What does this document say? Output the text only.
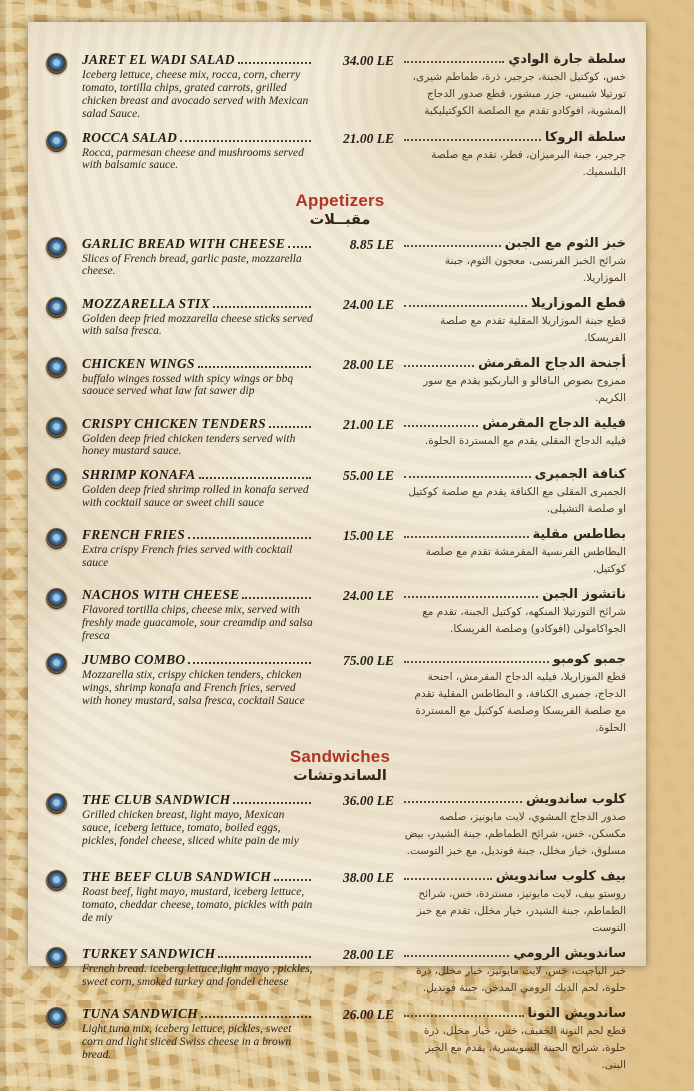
JARET EL WADI SALAD
Iceberg lettuce, cheese mix, rocca, corn, cherry tomato, tortilla chips, grated carrots, grilled chicken breast and avocado served with Mexican salad Sauce.
34.00 LE	سلطة جارة الوادي
خس، كوكتيل الجبنة، جرجير، ذرة، طماطم شيرى، تورتيلا شيبس، جزر مبشور، قطع صدور الدجاج المشوية، افوكادو تقدم مع الصلصة الكوكتيليكية
ROCCA SALAD
Rocca, parmesan cheese and mushrooms served with balsamic sauce.
21.00 LE	سلطة الروكا
جرجير، جبنة البرميزان، فطر، تقدم مع صلصة البلسميك.
Appetizers
مقبــلات
GARLIC BREAD WITH CHEESE
Slices of French bread, garlic paste, mozzarella cheese.
8.85 LE	خبز الثوم مع الجبن
شرائح الخبز الفرنسى، معجون الثوم، جبنة الموزاريلا.
MOZZARELLA STIX
Golden deep fried mozzarella cheese sticks served with salsa fresca.
24.00 LE	قطع الموزاريلا
قطع جبنة الموزاريلا المقلية تقدم مع صلصة الفريسكا.
CHICKEN WINGS
buffalo winges tossed with spicy wings or bbq saouce served what law fat sawer dip
28.00 LE	أجنحة الدجاج المقرمش
ممزوج بصوص البافالو و الباربكيو يقدم مع سور الكريم.
CRISPY CHICKEN TENDERS
Golden deep fried chicken tenders served with honey mustard sauce.
21.00 LE	فيلية الدجاج المقرمش
فيليه الدجاج المقلى يقدم مع المستردة الحلوة.
SHRIMP KONAFA
Golden deep fried shrimp rolled in konafa served with cocktail sauce or sweet chili sauce
55.00 LE	كنافة الجمبرى
الجمبرى المقلى مع الكنافة يقدم مع صلصة كوكتيل او صلصة التشيلى.
FRENCH FRIES
Extra crispy French fries served with cocktail sauce
15.00 LE	بطاطس مقلية
البطاطس الفرنسية المقرمشة تقدم مع صلصة كوكتيل.
NACHOS WITH CHEESE
Flavored tortilla chips, cheese mix, served with freshly made guacamole, sour creamdip and salsa fresca
24.00 LE	ناتشوز الجبن
شرائح التورتيلا المنكهه، كوكتيل الجبنة، تقدم مع الجواكامولى (افوكادو) وصلصة الفريسكا.
JUMBO COMBO
Mozzarella stix, crispy chicken tenders, chicken wings, shrimp konafa and French fries, served with honey mustard, salsa fresca, cocktail Sauce
75.00 LE	جمبو كومبو
قطع الموزاريلا، فيليه الدجاج المقرمش، اجنحة الدجاج، جمبرى الكنافة، و البطاطس المقلية تقدم مع صلصة الفريسكا وصلصة كوكتيل مع المستردة الحلوة.
Sandwiches
الساندوتشات
THE CLUB SANDWICH
Grilled chicken breast, light mayo, Mexican sauce, iceberg lettuce, tomato, boiled eggs, pickles, fondel cheese, sliced white pain de miy
36.00 LE	كلوب ساندويش
صدور الدجاج المشوي، لايت مايونيز، صلصه مكسكن، خس، شرائح الطماطم، جبنة الشيدر، بيض مسلوق، خيار مخلل، جبنة فونديل، مع خبز التوست.
THE BEEF CLUB SANDWICH
Roast beef, light mayo, mustard, iceberg lettuce, tomato, cheddar cheese, tomato, pickles with pain de miy
38.00 LE	بيف كلوب ساندويش
روستو بيف، لايت مايونيز، مستردة، خس، شرائح الطماطم، جبنة الشيدر، خيار مخلل، تقدم مع خبز التوست
TURKEY SANDWICH
French bread. iceberg lettuce,light mayo , pickles, sweet corn, smoked turkey and fondel cheese
28.00 LE	ساندويش الرومي
خبز الباجيت، خس، لايت مايونيز، خيار مخلل، ذرة حلوة، لحم الديك الرومي المدخن، جبنة فونديل.
TUNA SANDWICH
Light tuna mix, iceberg lettuce, pickles, sweet corn and light sliced Swiss cheese in a brown bread.
26.00 LE	ساندويش التونا
قطع لحم التونة الخفيف، خس، خيار مخلل، ذرة حلوة، شرائح الجبنة السويسرية، يقدم مع الخبز البنى.
